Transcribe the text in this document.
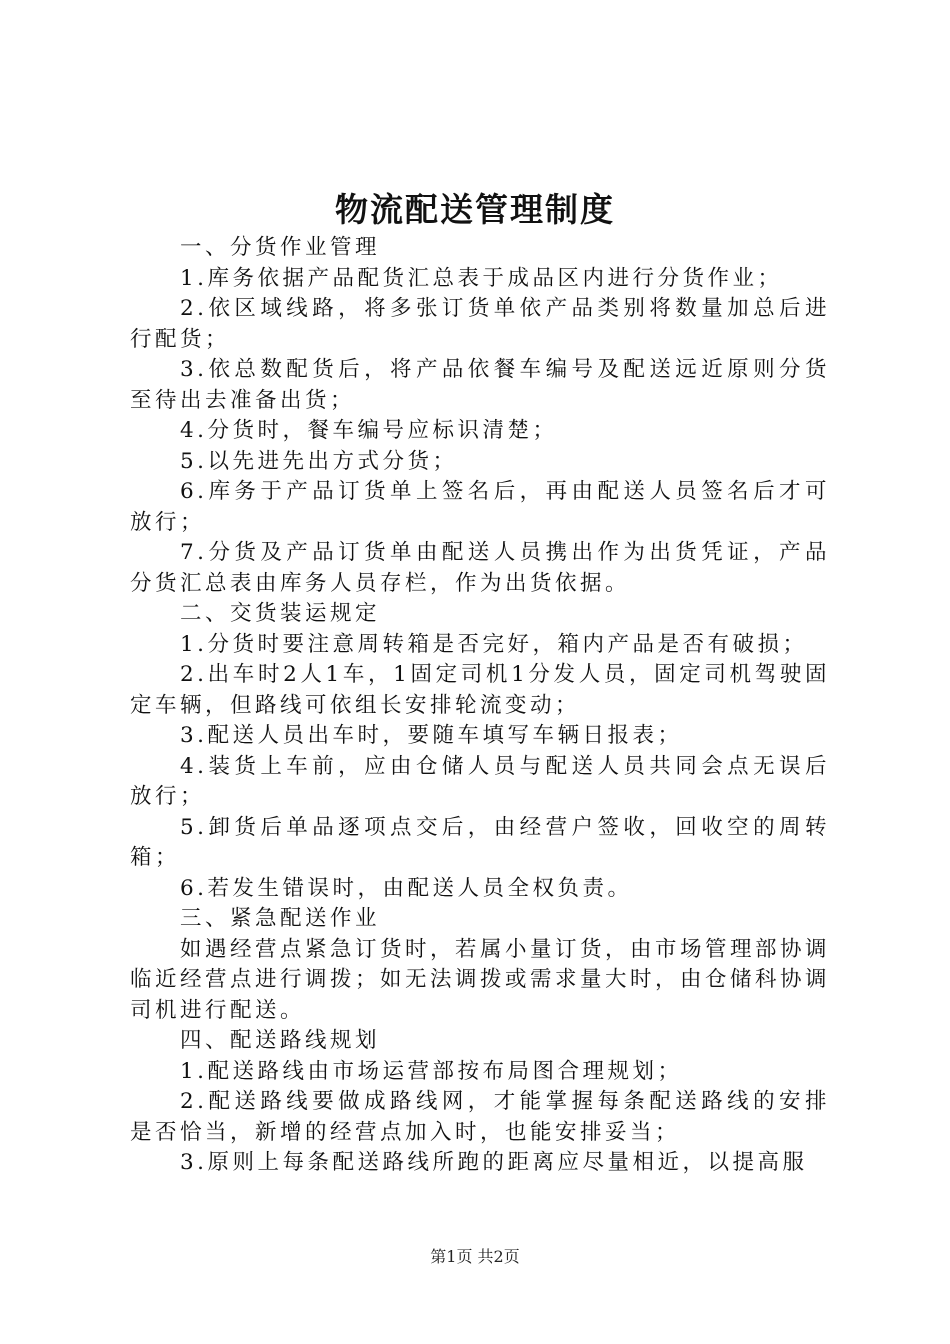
物流配送管理制度

一、分货作业管理

1.库务依据产品配货汇总表于成品区内进行分货作业；

2.依区域线路，将多张订货单依产品类别将数量加总后进行配货；

3.依总数配货后，将产品依餐车编号及配送远近原则分货至待出去准备出货；

4.分货时，餐车编号应标识清楚；

5.以先进先出方式分货；

6.库务于产品订货单上签名后，再由配送人员签名后才可放行；

7.分货及产品订货单由配送人员携出作为出货凭证，产品分货汇总表由库务人员存栏，作为出货依据。

二、交货装运规定

1.分货时要注意周转箱是否完好，箱内产品是否有破损；

2.出车时2人1车，1固定司机1分发人员，固定司机驾驶固定车辆，但路线可依组长安排轮流变动；

3.配送人员出车时，要随车填写车辆日报表；

4.装货上车前，应由仓储人员与配送人员共同会点无误后放行；

5.卸货后单品逐项点交后，由经营户签收，回收空的周转箱；

6.若发生错误时，由配送人员全权负责。

三、紧急配送作业

如遇经营点紧急订货时，若属小量订货，由市场管理部协调临近经营点进行调拨；如无法调拨或需求量大时，由仓储科协调司机进行配送。

四、配送路线规划

1.配送路线由市场运营部按布局图合理规划；

2.配送路线要做成路线网，才能掌握每条配送路线的安排是否恰当，新增的经营点加入时，也能安排妥当；

3.原则上每条配送路线所跑的距离应尽量相近，以提高服

第1页 共2页
